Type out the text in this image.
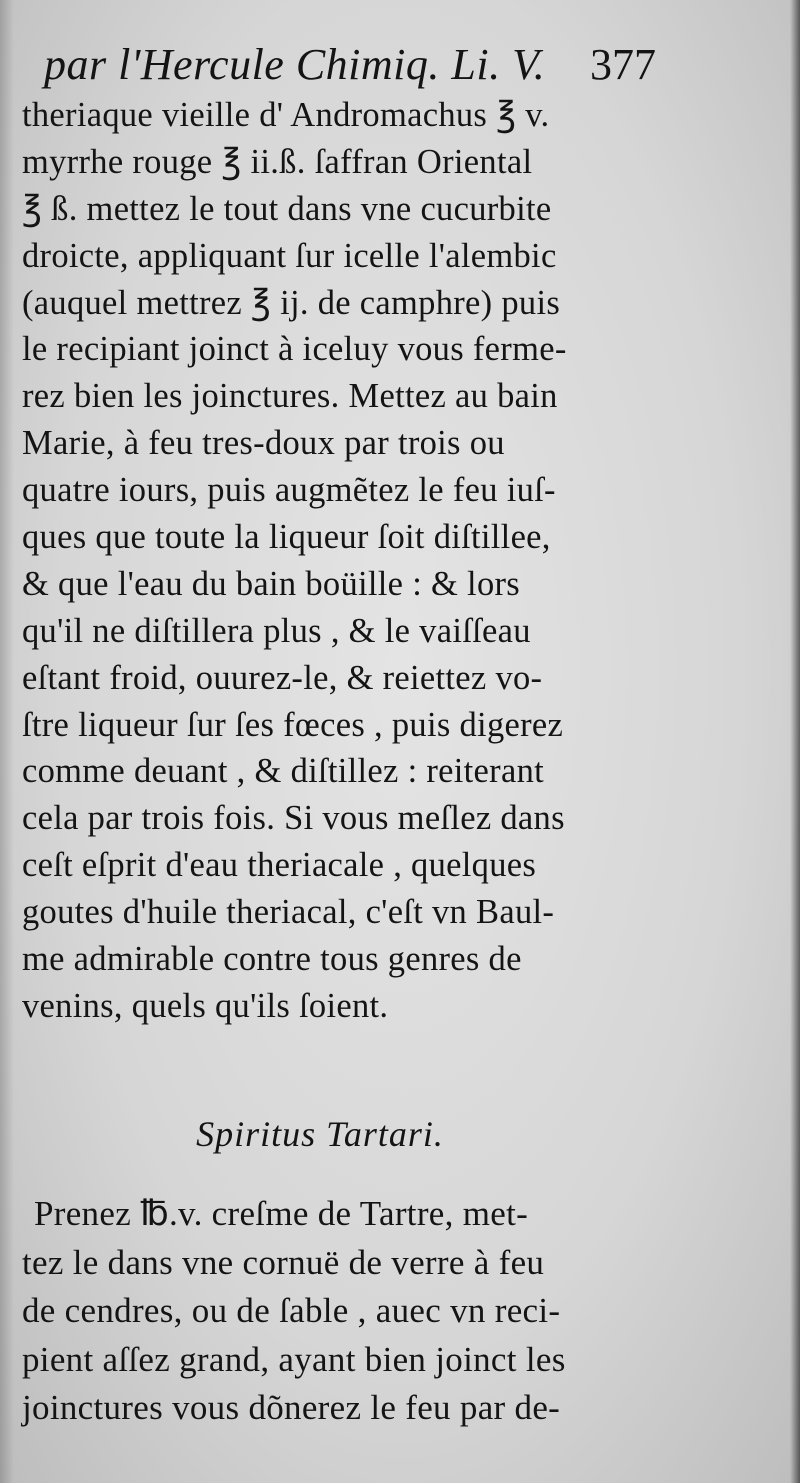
par l'Hercule Chimiq. Li. V. 377
theriaque vieille d' Andromachus ℥ v.
myrrhe rouge ℥ ii.ß. ſaffran Oriental
℥ ß. mettez le tout dans vne cucurbite
droicte, appliquant ſur icelle l'alembic
(auquel mettrez ℥ ij. de camphre) puis
le recipiant joinct à iceluy vous ferme-
rez bien les joinctures. Mettez au bain
Marie, à feu tres-doux par trois ou
quatre iours, puis augmẽtez le feu iuſ-
ques que toute la liqueur ſoit diſtillee,
& que l'eau du bain boüille : & lors
qu'il ne diſtillera plus , & le vaiſſeau
eſtant froid, ouurez-le, & reiettez vo-
ſtre liqueur ſur ſes fœces , puis digerez
comme deuant , & diſtillez : reiterant
cela par trois fois. Si vous meſlez dans
ceſt eſprit d'eau theriacale , quelques
goutes d'huile theriacal, c'eſt vn Baul-
me admirable contre tous genres de
venins, quels qu'ils ſoient.
Spiritus Tartari.
Prenez ℔.v. creſme de Tartre, met-
tez le dans vne cornuë de verre à feu
de cendres, ou de ſable , auec vn reci-
pient aſſez grand, ayant bien joinct les
joinctures vous dõnerez le feu par de-
